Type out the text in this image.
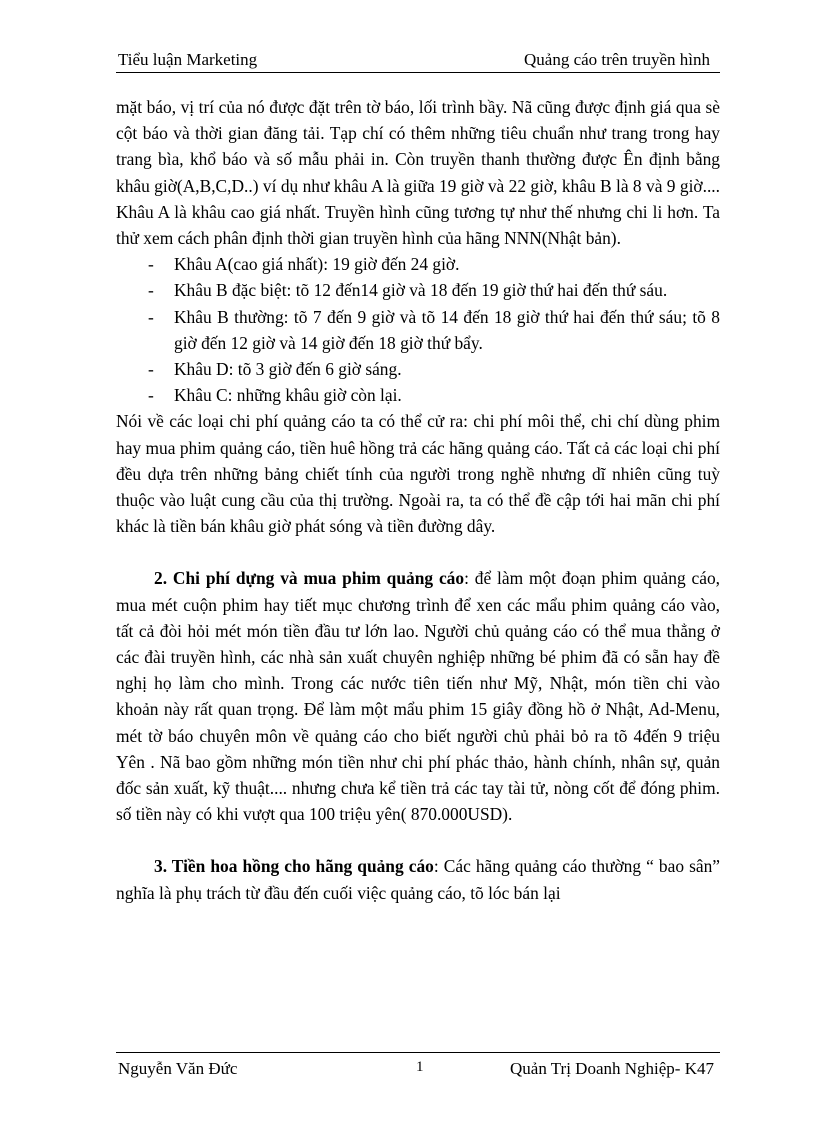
Tiểu luận Marketing	Quảng cáo trên truyền hình

mặt báo, vị trí của nó được đặt trên tờ báo, lối trình bầy. Nã cũng được định giá qua sè cột báo và thời gian đăng tải. Tạp chí có thêm những tiêu chuẩn như trang trong hay trang bìa, khổ báo và số mẫu phải in. Còn truyền thanh thường được Ên định bằng khâu giờ(A,B,C,D..) ví dụ như khâu A là giữa 19 giờ và 22 giờ, khâu B là 8 và 9 giờ.... Khâu A là khâu cao giá nhất. Truyền hình cũng tương tự như thế nhưng chi li hơn. Ta thử xem cách phân định thời gian truyền hình của hãng NNN(Nhật bản).

- Khâu A(cao giá nhất): 19 giờ đến 24 giờ.
- Khâu B đặc biệt: tõ 12 đến14 giờ và 18 đến 19 giờ thứ hai đến thứ sáu.
- Khâu B thường: tõ 7 đến 9 giờ và tõ 14 đến 18 giờ thứ hai đến thứ sáu; tõ 8 giờ đến 12 giờ và 14 giờ đến 18 giờ thứ bẩy.
- Khâu D: tõ 3 giờ đến 6 giờ sáng.
- Khâu C: những khâu giờ còn lại.

Nói về các loại chi phí quảng cáo ta có thể cử ra: chi phí môi thể, chi chí dùng phim hay mua phim quảng cáo, tiền huê hồng trả các hãng quảng cáo. Tất cả các loại chi phí đều dựa trên những bảng chiết tính của người trong nghề nhưng dĩ nhiên cũng tuỳ thuộc vào luật cung cầu của thị trường. Ngoài ra, ta có thể đề cập tới hai mãn chi phí khác là tiền bán khâu giờ phát sóng và tiền đường dây.

2. Chi phí dựng và mua phim quảng cáo: để làm một đoạn phim quảng cáo, mua mét cuộn phim hay tiết mục chương trình để xen các mẩu phim quảng cáo vào, tất cả đòi hỏi mét món tiền đầu tư lớn lao. Người chủ quảng cáo có thể mua thẳng ở các đài truyền hình, các nhà sản xuất chuyên nghiệp những bé phim đã có sẵn hay đề nghị họ làm cho mình. Trong các nước tiên tiến như Mỹ, Nhật, món tiền chi vào khoản này rất quan trọng. Để làm một mẩu phim 15 giây đồng hồ ở Nhật, Ad-Menu, mét tờ báo chuyên môn về quảng cáo cho biết người chủ phải bỏ ra tõ 4đến 9 triệu Yên . Nã bao gồm những món tiền như chi phí phác thảo, hành chính, nhân sự, quản đốc sản xuất, kỹ thuật.... nhưng chưa kể tiền trả các tay tài tử, nòng cốt để đóng phim. số tiền này có khi vượt qua 100 triệu yên( 870.000USD).

3. Tiền hoa hồng cho hãng quảng cáo: Các hãng quảng cáo thường “ bao sân” nghĩa là phụ trách từ đầu đến cuối việc quảng cáo, tõ lóc bán lại

Nguyễn Văn Đức	1	Quản Trị Doanh Nghiệp- K47
